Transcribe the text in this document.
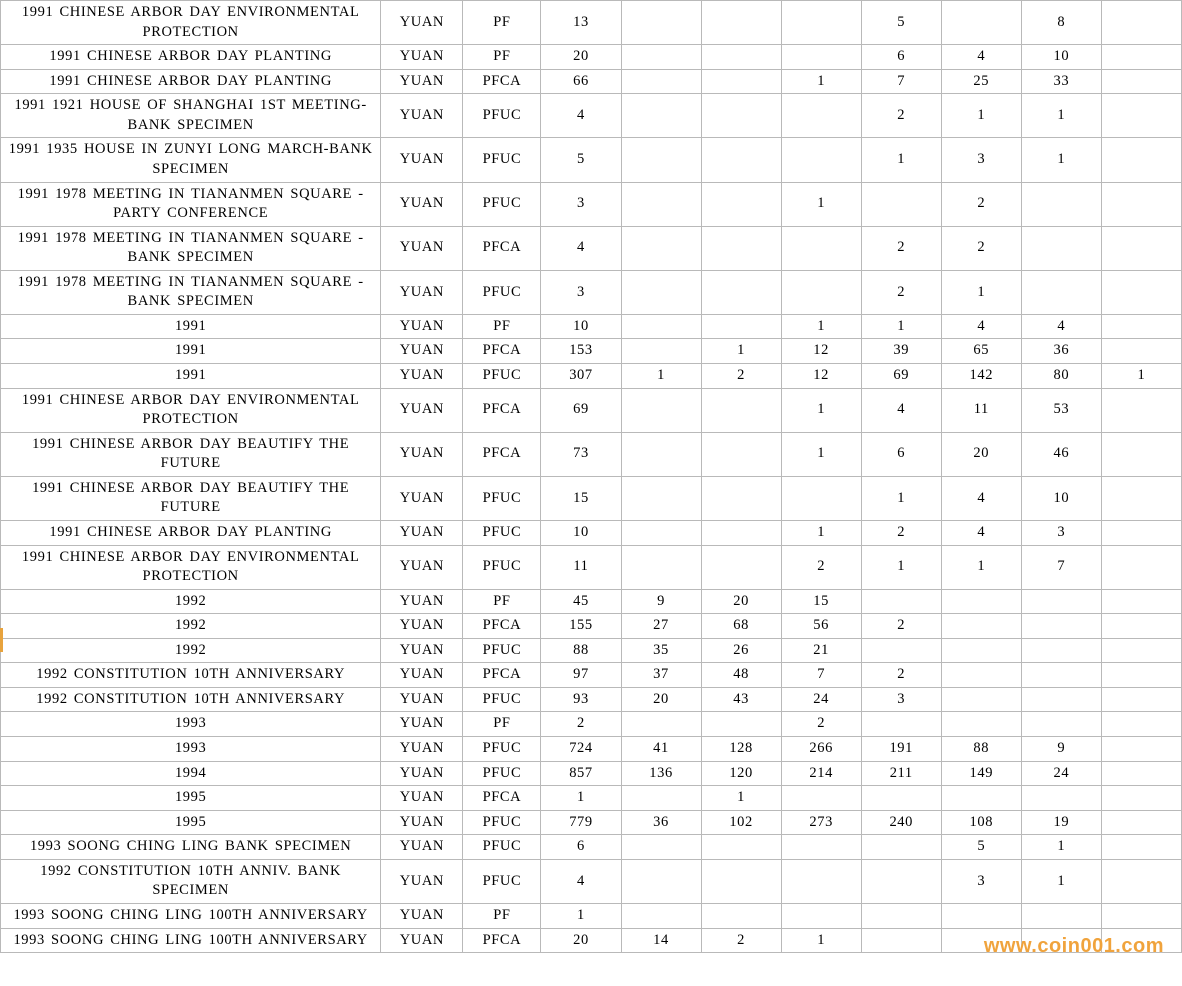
1991 CHINESE ARBOR DAY ENVIRONMENTAL PROTECTION	YUAN	PF	13				5		8	
1991 CHINESE ARBOR DAY PLANTING	YUAN	PF	20				6	4	10	
1991 CHINESE ARBOR DAY PLANTING	YUAN	PFCA	66			1	7	25	33	
1991 1921 HOUSE OF SHANGHAI 1ST MEETING-BANK SPECIMEN	YUAN	PFUC	4				2	1	1	
1991 1935 HOUSE IN ZUNYI LONG MARCH-BANK SPECIMEN	YUAN	PFUC	5				1	3	1	
1991 1978 MEETING IN TIANANMEN SQUARE - PARTY CONFERENCE	YUAN	PFUC	3			1		2		
1991 1978 MEETING IN TIANANMEN SQUARE - BANK SPECIMEN	YUAN	PFCA	4				2	2		
1991 1978 MEETING IN TIANANMEN SQUARE - BANK SPECIMEN	YUAN	PFUC	3				2	1		
1991	YUAN	PF	10			1	1	4	4	
1991	YUAN	PFCA	153		1	12	39	65	36	
1991	YUAN	PFUC	307	1	2	12	69	142	80	1
1991 CHINESE ARBOR DAY ENVIRONMENTAL PROTECTION	YUAN	PFCA	69			1	4	11	53	
1991 CHINESE ARBOR DAY BEAUTIFY THE FUTURE	YUAN	PFCA	73			1	6	20	46	
1991 CHINESE ARBOR DAY BEAUTIFY THE FUTURE	YUAN	PFUC	15				1	4	10	
1991 CHINESE ARBOR DAY PLANTING	YUAN	PFUC	10			1	2	4	3	
1991 CHINESE ARBOR DAY ENVIRONMENTAL PROTECTION	YUAN	PFUC	11			2	1	1	7	
1992	YUAN	PF	45	9	20	15				
1992	YUAN	PFCA	155	27	68	56	2			
1992	YUAN	PFUC	88	35	26	21				
1992 CONSTITUTION 10TH ANNIVERSARY	YUAN	PFCA	97	37	48	7	2			
1992 CONSTITUTION 10TH ANNIVERSARY	YUAN	PFUC	93	20	43	24	3			
1993	YUAN	PF	2			2				
1993	YUAN	PFUC	724	41	128	266	191	88	9	
1994	YUAN	PFUC	857	136	120	214	211	149	24	
1995	YUAN	PFCA	1		1					
1995	YUAN	PFUC	779	36	102	273	240	108	19	
1993 SOONG CHING LING BANK SPECIMEN	YUAN	PFUC	6					5	1	
1992 CONSTITUTION 10TH ANNIV. BANK SPECIMEN	YUAN	PFUC	4					3	1	
1993 SOONG CHING LING 100TH ANNIVERSARY	YUAN	PF	1							
1993 SOONG CHING LING 100TH ANNIVERSARY	YUAN	PFCA	20	14	2	1					www.coin001.com
